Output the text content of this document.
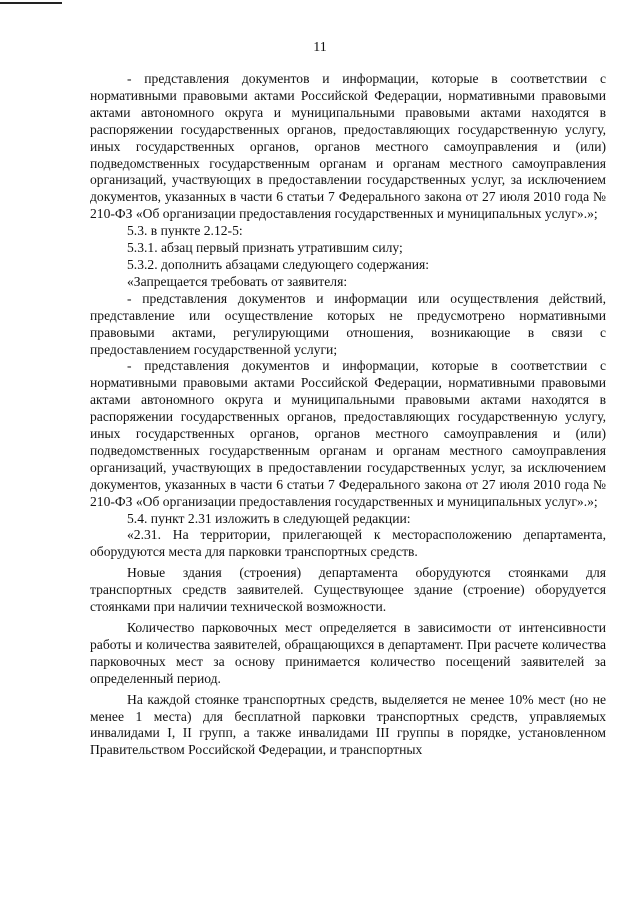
11

- представления документов и информации, которые в соответствии с нормативными правовыми актами Российской Федерации, нормативными правовыми актами автономного округа и муниципальными правовыми актами находятся в распоряжении государственных органов, предоставляющих государственную услугу, иных государственных органов, органов местного самоуправления и (или) подведомственных государственным органам и органам местного самоуправления организаций, участвующих в предоставлении государственных услуг, за исключением документов, указанных в части 6 статьи 7 Федерального закона от 27 июля 2010 года № 210-ФЗ «Об организации предоставления государственных и муниципальных услуг».»;

5.3. в пункте 2.12-5:

5.3.1. абзац первый признать утратившим силу;

5.3.2. дополнить абзацами следующего содержания:

«Запрещается требовать от заявителя:

- представления документов и информации или осуществления действий, представление или осуществление которых не предусмотрено нормативными правовыми актами, регулирующими отношения, возникающие в связи с предоставлением государственной услуги;

- представления документов и информации, которые в соответствии с нормативными правовыми актами Российской Федерации, нормативными правовыми актами автономного округа и муниципальными правовыми актами находятся в распоряжении государственных органов, предоставляющих государственную услугу, иных государственных органов, органов местного самоуправления и (или) подведомственных государственным органам и органам местного самоуправления организаций, участвующих в предоставлении государственных услуг, за исключением документов, указанных в части 6 статьи 7 Федерального закона от 27 июля 2010 года № 210-ФЗ «Об организации предоставления государственных и муниципальных услуг».»;

5.4. пункт 2.31 изложить в следующей редакции:

«2.31. На территории, прилегающей к месторасположению департамента, оборудуются места для парковки транспортных средств.

Новые здания (строения) департамента оборудуются стоянками для транспортных средств заявителей. Существующее здание (строение) оборудуется стоянками при наличии технической возможности.

Количество парковочных мест определяется в зависимости от интенсивности работы и количества заявителей, обращающихся в департамент. При расчете количества парковочных мест за основу принимается количество посещений заявителей за определенный период.

На каждой стоянке транспортных средств, выделяется не менее 10% мест (но не менее 1 места) для бесплатной парковки транспортных средств, управляемых инвалидами I, II групп, а также инвалидами III группы в порядке, установленном Правительством Российской Федерации, и транспортных
